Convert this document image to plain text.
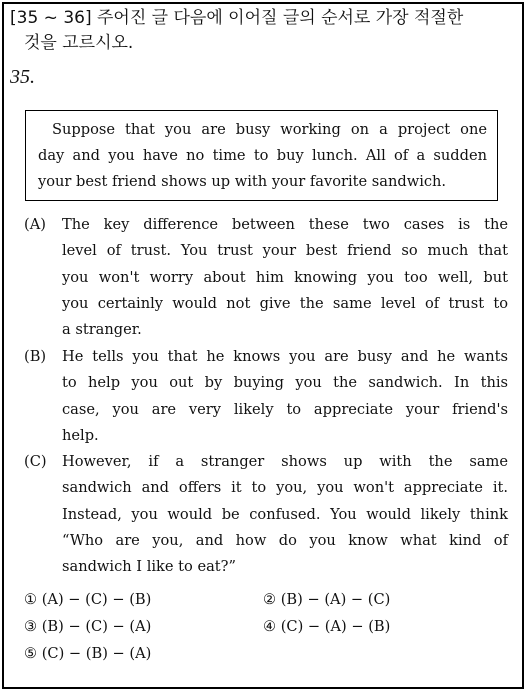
[35 ~ 36] 주어진 글 다음에 이어질 글의 순서로 가장 적절한
것을 고르시오.
35.
Suppose that you are busy working on a project one
day and you have no time to buy lunch. All of a sudden
your best friend shows up with your favorite sandwich.
(A) The key difference between these two cases is the
level of trust. You trust your best friend so much that
you won't worry about him knowing you too well, but
you certainly would not give the same level of trust to
a stranger.
(B) He tells you that he knows you are busy and he wants
to help you out by buying you the sandwich. In this
case, you are very likely to appreciate your friend's
help.
(C) However, if a stranger shows up with the same
sandwich and offers it to you, you won't appreciate it.
Instead, you would be confused. You would likely think
“Who are you, and how do you know what kind of
sandwich I like to eat?”
① (A) − (C) − (B)	② (B) − (A) − (C)
③ (B) − (C) − (A)	④ (C) − (A) − (B)
⑤ (C) − (B) − (A)
